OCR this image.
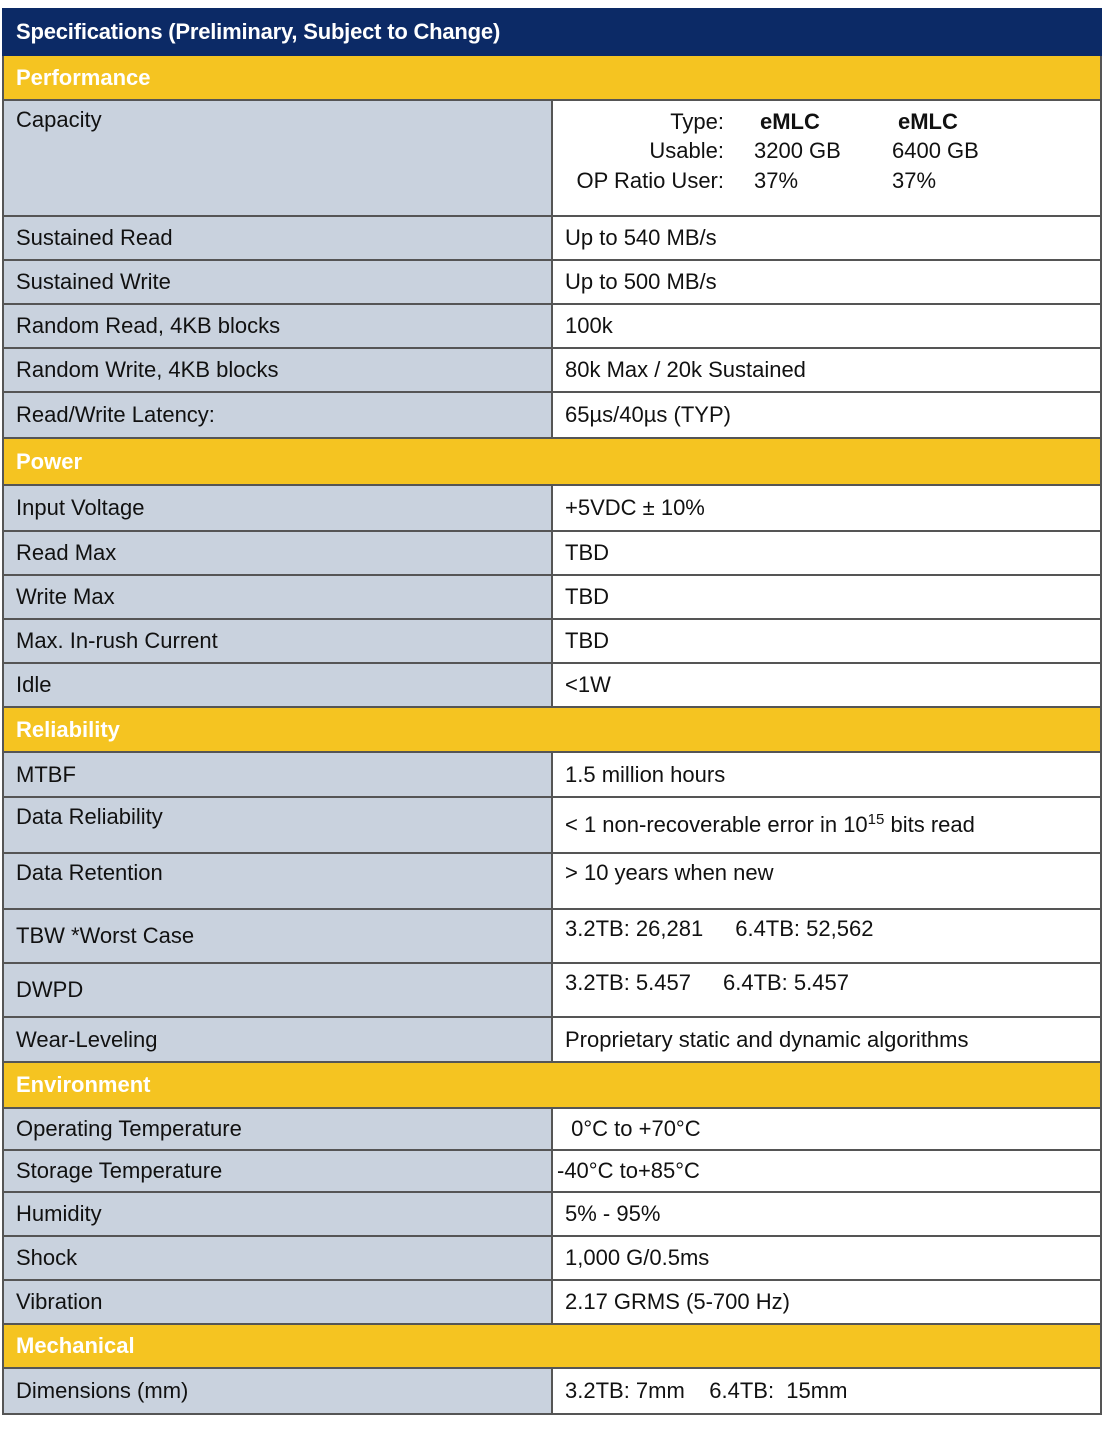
Specifications (Preliminary, Subject to Change)
Performance
Capacity		Type:	eMLC	eMLC
Usable:	3200 GB	6400 GB
OP Ratio User:	37%	37%

Sustained Read	Up to 540 MB/s
Sustained Write	Up to 500 MB/s
Random Read, 4KB blocks	100k
Random Write, 4KB blocks	80k Max / 20k Sustained
Read/Write Latency:	65µs/40µs (TYP)
Power
Input Voltage	+5VDC ± 10%
Read Max	TBD
Write Max	TBD
Max. In-rush Current	TBD
Idle	<1W
Reliability
MTBF	1.5 million hours
Data Reliability	< 1 non-recoverable error in $10^{15}$ bits read
Data Retention	> 10 years when new
TBW *Worst Case	3.2TB: 26,281 6.4TB: 52,562
DWPD	3.2TB: 5.457 6.4TB: 5.457
Wear-Leveling	Proprietary static and dynamic algorithms
Environment
Operating Temperature	0°C to +70°C
Storage Temperature	-40°C to+85°C
Humidity	5% - 95%
Shock	1,000 G/0.5ms
Vibration	2.17 GRMS (5-700 Hz)
Mechanical
Dimensions (mm)	3.2TB: 7mm    6.4TB:  15mm
